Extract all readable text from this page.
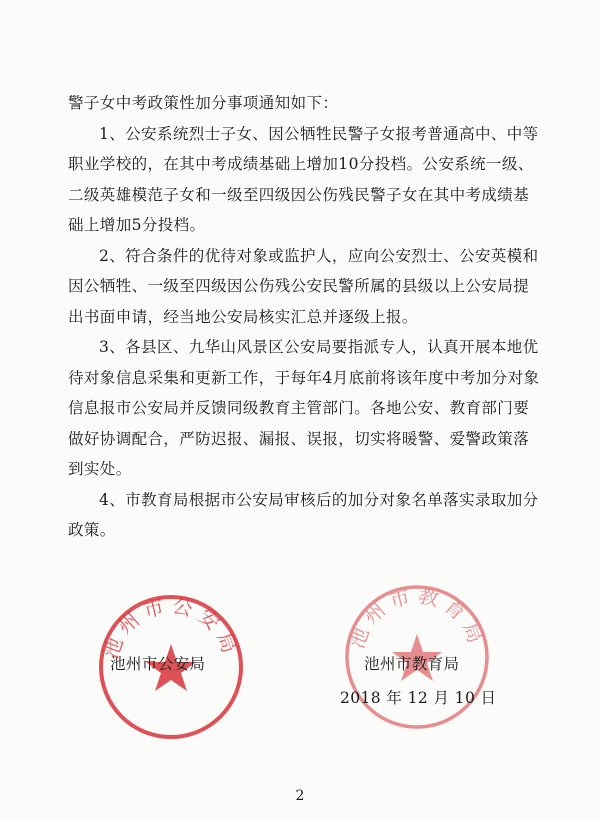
警子女中考政策性加分事项通知如下：

1、公安系统烈士子女、因公牺牲民警子女报考普通高中、中等职业学校的，在其中考成绩基础上增加10分投档。公安系统一级、二级英雄模范子女和一级至四级因公伤残民警子女在其中考成绩基础上增加5分投档。

2、符合条件的优待对象或监护人，应向公安烈士、公安英模和因公牺牲、一级至四级因公伤残公安民警所属的县级以上公安局提出书面申请，经当地公安局核实汇总并逐级上报。

3、各县区、九华山风景区公安局要指派专人，认真开展本地优待对象信息采集和更新工作，于每年4月底前将该年度中考加分对象信息报市公安局并反馈同级教育主管部门。各地公安、教育部门要做好协调配合，严防迟报、漏报、误报，切实将暖警、爱警政策落到实处。

4、市教育局根据市公安局审核后的加分对象名单落实录取加分政策。

池州市公安局	池州市教育局
池州市公安局	池州市教育局
2018 年 12 月 10 日
2
